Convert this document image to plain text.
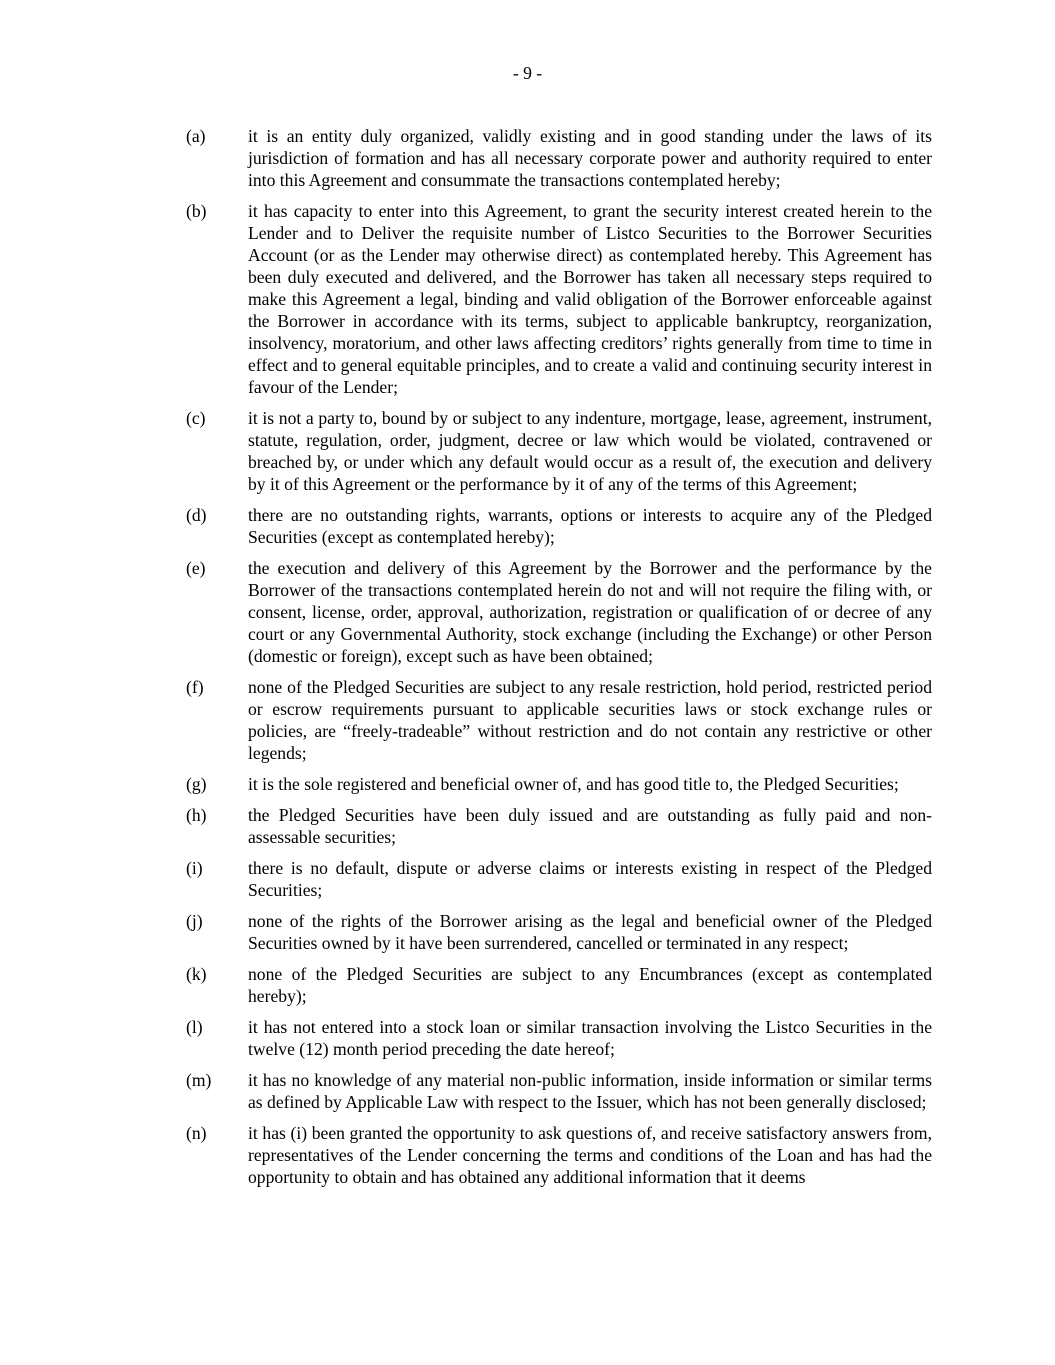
- 9 -
(a)	it is an entity duly organized, validly existing and in good standing under the laws of its jurisdiction of formation and has all necessary corporate power and authority required to enter into this Agreement and consummate the transactions contemplated hereby;
(b)	it has capacity to enter into this Agreement, to grant the security interest created herein to the Lender and to Deliver the requisite number of Listco Securities to the Borrower Securities Account (or as the Lender may otherwise direct) as contemplated hereby. This Agreement has been duly executed and delivered, and the Borrower has taken all necessary steps required to make this Agreement a legal, binding and valid obligation of the Borrower enforceable against the Borrower in accordance with its terms, subject to applicable bankruptcy, reorganization, insolvency, moratorium, and other laws affecting creditors’ rights generally from time to time in effect and to general equitable principles, and to create a valid and continuing security interest in favour of the Lender;
(c)	it is not a party to, bound by or subject to any indenture, mortgage, lease, agreement, instrument, statute, regulation, order, judgment, decree or law which would be violated, contravened or breached by, or under which any default would occur as a result of, the execution and delivery by it of this Agreement or the performance by it of any of the terms of this Agreement;
(d)	there are no outstanding rights, warrants, options or interests to acquire any of the Pledged Securities (except as contemplated hereby);
(e)	the execution and delivery of this Agreement by the Borrower and the performance by the Borrower of the transactions contemplated herein do not and will not require the filing with, or consent, license, order, approval, authorization, registration or qualification of or decree of any court or any Governmental Authority, stock exchange (including the Exchange) or other Person (domestic or foreign), except such as have been obtained;
(f)	none of the Pledged Securities are subject to any resale restriction, hold period, restricted period or escrow requirements pursuant to applicable securities laws or stock exchange rules or policies, are “freely-tradeable” without restriction and do not contain any restrictive or other legends;
(g)	it is the sole registered and beneficial owner of, and has good title to, the Pledged Securities;
(h)	the Pledged Securities have been duly issued and are outstanding as fully paid and non-assessable securities;
(i)	there is no default, dispute or adverse claims or interests existing in respect of the Pledged Securities;
(j)	none of the rights of the Borrower arising as the legal and beneficial owner of the Pledged Securities owned by it have been surrendered, cancelled or terminated in any respect;
(k)	none of the Pledged Securities are subject to any Encumbrances (except as contemplated hereby);
(l)	it has not entered into a stock loan or similar transaction involving the Listco Securities in the twelve (12) month period preceding the date hereof;
(m)	it has no knowledge of any material non-public information, inside information or similar terms as defined by Applicable Law with respect to the Issuer, which has not been generally disclosed;
(n)	it has (i) been granted the opportunity to ask questions of, and receive satisfactory answers from, representatives of the Lender concerning the terms and conditions of the Loan and has had the opportunity to obtain and has obtained any additional information that it deems
